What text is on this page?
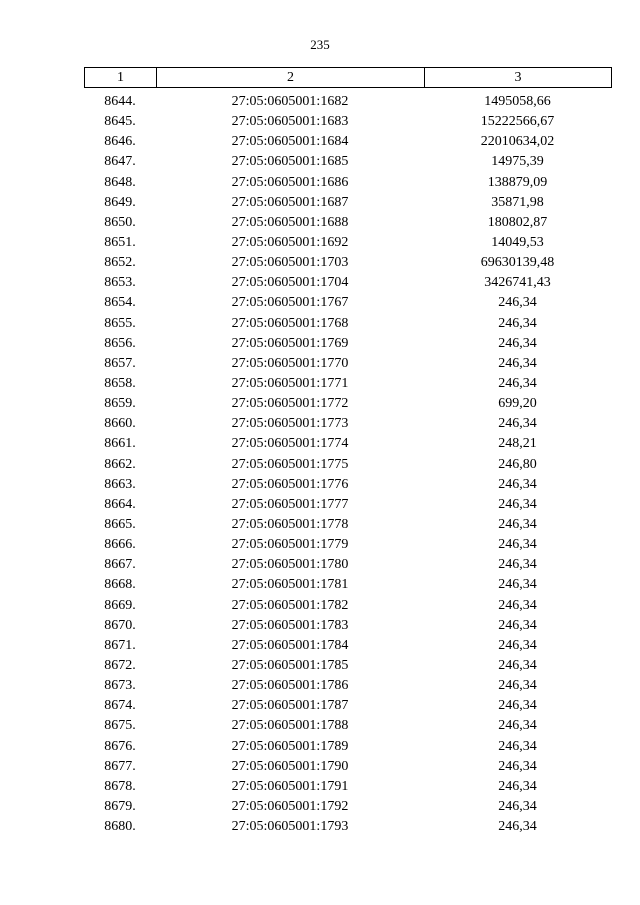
235
1	2	3
8644.	27:05:0605001:1682	1495058,66
8645.	27:05:0605001:1683	15222566,67
8646.	27:05:0605001:1684	22010634,02
8647.	27:05:0605001:1685	14975,39
8648.	27:05:0605001:1686	138879,09
8649.	27:05:0605001:1687	35871,98
8650.	27:05:0605001:1688	180802,87
8651.	27:05:0605001:1692	14049,53
8652.	27:05:0605001:1703	69630139,48
8653.	27:05:0605001:1704	3426741,43
8654.	27:05:0605001:1767	246,34
8655.	27:05:0605001:1768	246,34
8656.	27:05:0605001:1769	246,34
8657.	27:05:0605001:1770	246,34
8658.	27:05:0605001:1771	246,34
8659.	27:05:0605001:1772	699,20
8660.	27:05:0605001:1773	246,34
8661.	27:05:0605001:1774	248,21
8662.	27:05:0605001:1775	246,80
8663.	27:05:0605001:1776	246,34
8664.	27:05:0605001:1777	246,34
8665.	27:05:0605001:1778	246,34
8666.	27:05:0605001:1779	246,34
8667.	27:05:0605001:1780	246,34
8668.	27:05:0605001:1781	246,34
8669.	27:05:0605001:1782	246,34
8670.	27:05:0605001:1783	246,34
8671.	27:05:0605001:1784	246,34
8672.	27:05:0605001:1785	246,34
8673.	27:05:0605001:1786	246,34
8674.	27:05:0605001:1787	246,34
8675.	27:05:0605001:1788	246,34
8676.	27:05:0605001:1789	246,34
8677.	27:05:0605001:1790	246,34
8678.	27:05:0605001:1791	246,34
8679.	27:05:0605001:1792	246,34
8680.	27:05:0605001:1793	246,34
